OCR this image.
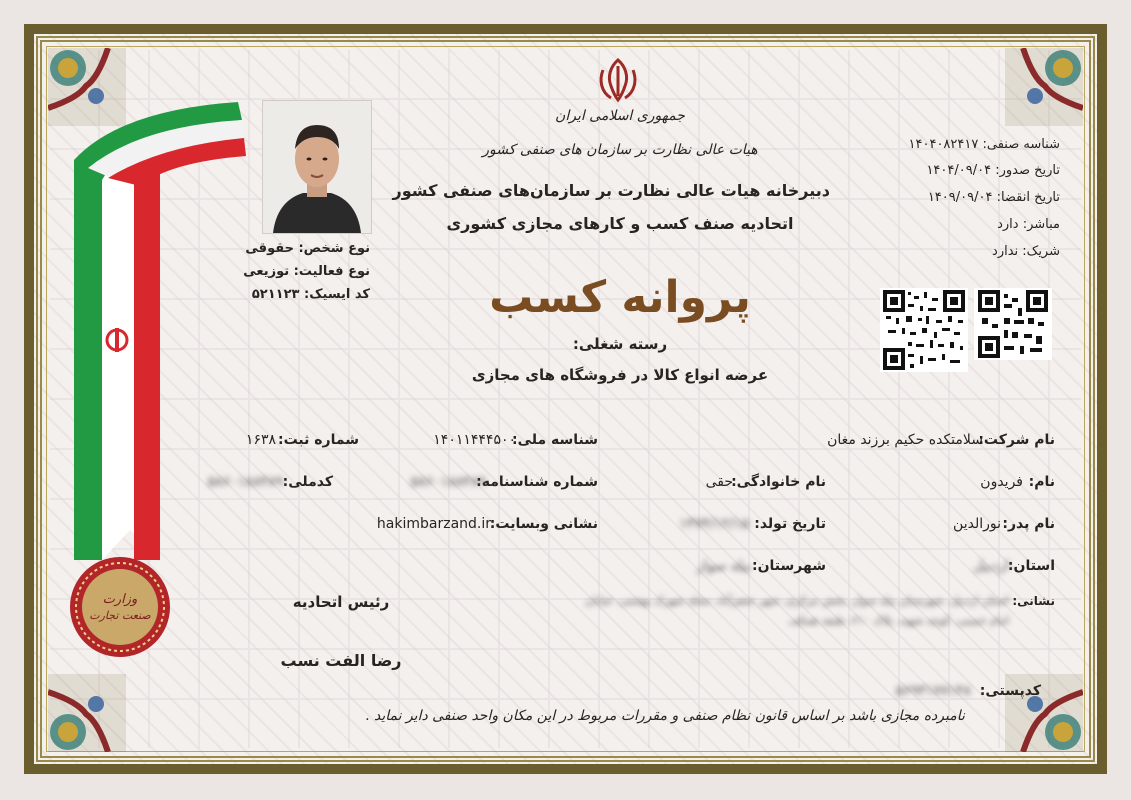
وزارت
صنعت تجارت
جمهوری اسلامی ایران
هیات عالی نظارت بر سازمان های صنفی کشور
دبیرخانه هیات عالی نظارت بر سازمان‌های صنفی کشور
اتحادیه صنف کسب و کارهای مجازی کشوری
پروانه کسب
رسته شغلی:
عرضه انواع کالا در فروشگاه های مجازی
شناسه صنفی: ۱۴۰۴۰۸۲۴۱۷
تاریخ صدور: ۱۴۰۴/۰۹/۰۴
تاریخ انقضا: ۱۴۰۹/۰۹/۰۴
مباشر: دارد
شریک: ندارد
نوع شخص: حقوقی
نوع فعالیت: توزیعی
کد ایسیک: ۵۲۱۱۲۳
نام شرکت:
سلامتکده حکیم برزند مغان
شناسه ملی:
۱۴۰۱۱۴۴۴۵۰۰
شماره ثبت:
۱۶۳۸
نام:
فریدون
نام خانوادگی:
حقی
شماره شناسنامه:
۵۸۶۰۱۸۸۴۸۹
کدملی:
۵۸۶۰۱۸۸۴۸۹
نام پدر:
نورالدین
تاریخ تولد:
۱۳۷۴/۱۲/۱۵
نشانی وبسایت:
hakimbarzand.ir
استان:
اردبیل
شهرستان:
بیله سوار
نشانی:
استان اردبیل، شهرستان بیله سوار، بخش مرکزی، شهر جعفرآباد، محله شهرک بهشتی، خیابان
امام خمینی، کوچه شهید، پلاک ۲۱۰، طبقه همکف
کدپستی:
۵۶۹۳۱۷۷۱۴۸
رئیس اتحادیه
رضا الفت نسب
نامبرده مجازی باشد بر اساس قانون نظام صنفی و مقررات مربوط در این مکان واحد صنفی دایر نماید .
